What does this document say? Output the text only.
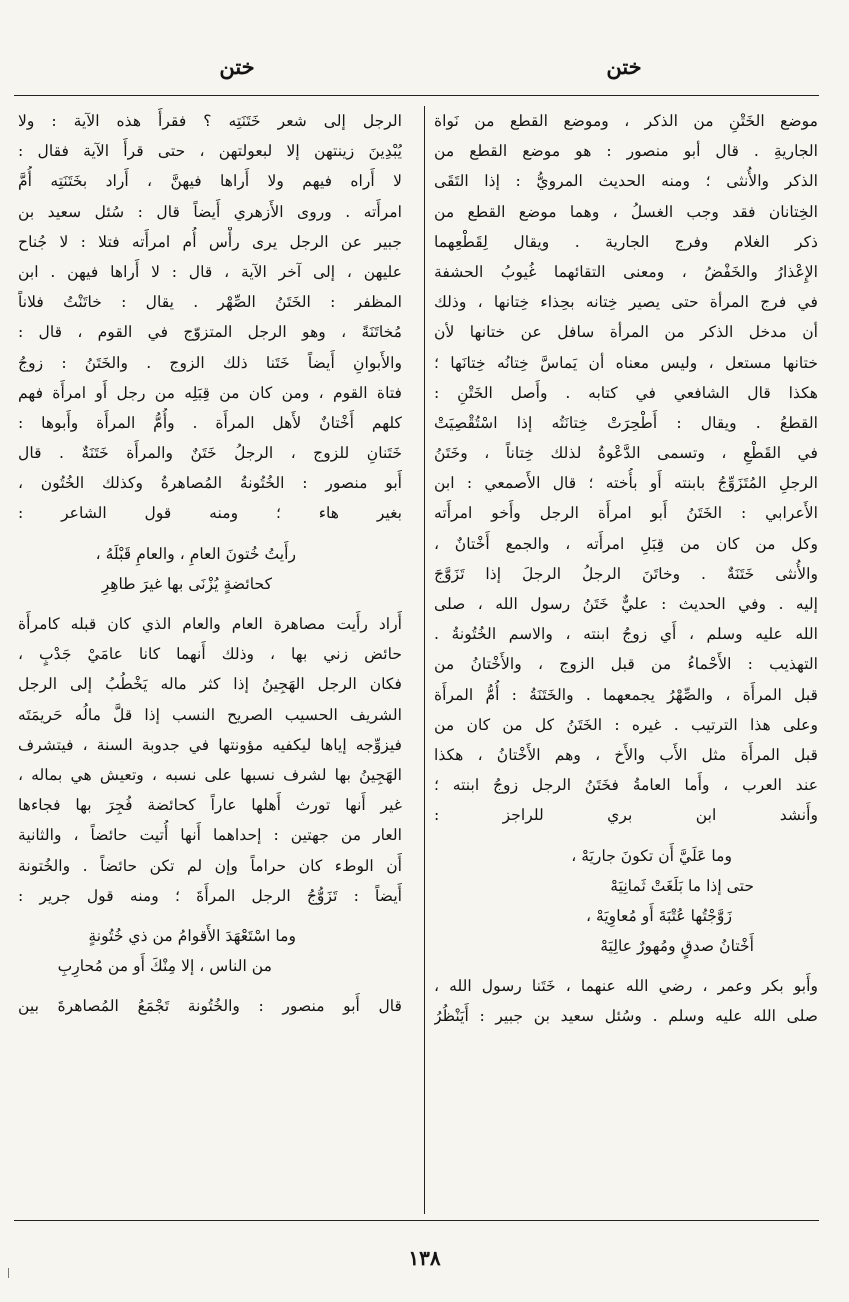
ختن
ختن
موضع الخَتْنِ من الذكر ، وموضع القطع من نَواة
الجاريةِ . قال أبو منصور : هو موضع القطع من
الذكر والأُنثى ؛ ومنه الحديث المرويُّ : إذا التَقَى
الخِتانان فقد وجب الغسلُ ، وهما موضع القطع من
ذكر الغلام وفرج الجارية . ويقال لِقَطْعِهما
الإِعْذارُ والخَفْضُ ، ومعنى التقائهما غُيوبُ الحشفة
في فرج المرأة حتى يصير خِتانه بحِذاء خِتانها ، وذلك
أن مدخل الذكر من المرأة سافل عن ختانها لأن
ختانها مستعل ، وليس معناه أن يَماسَّ خِتانُه خِتانَها ؛
هكذا قال الشافعي في كتابه . وأَصل الخَتْنِ :
القطعُ . ويقال : أَطْحِرَتْ خِتانَتُه إذا اسْتُقْصِيَتْ
في القَطْعِ ، وتسمى الدَّعْوةُ لذلك خِتاناً ، وخَتَنُ
الرجلِ المُتَزَوِّجُ بابنته أَو بأُخته ؛ قال الأَصمعي : ابن
الأَعرابي : الخَتَنُ أَبو امرأَة الرجل وأَخو امرأَته
وكل من كان من قِبَلِ امرأَته ، والجمع أَخْتانٌ ،
والأُنثى خَتَنَةٌ . وخاتَنَ الرجلُ الرجلَ إذا تَزَوَّجَ
إليه . وفي الحديث : عليٌّ خَتَنُ رسول الله ، صلى
الله عليه وسلم ، أَي زوجُ ابنته ، والاسم الخُتُونةُ .
التهذيب : الأَحْماءُ من قبل الزوج ، والأَخْتانُ من
قبل المرأَة ، والصِّهْرُ يجمعهما . والخَتَنَةُ : أُمُّ المرأَة
وعلى هذا الترتيب . غيره : الخَتَنُ كل من كان من
قبل المرأَة مثل الأَب والأَخ ، وهم الأَخْتانُ ، هكذا
عند العرب ، وأَما العامةُ فخَتَنُ الرجل زوجُ ابنته ؛
وأَنشد ابن بري للراجز :
وما عَلَيَّ أَن تكونَ جاريَهْ ،
حتى إذا ما بَلَغَتْ ثَمانِيَهْ
زَوَّجْتُها عُتْبَةَ أَو مُعاوِيَهْ ،
أَخْتانُ صدقٍ ومُهورٌ عالِيَهْ
وأَبو بكر وعمر ، رضي الله عنهما ، خَتَنا رسول الله ،
صلى الله عليه وسلم . وسُئل سعيد بن جبير : أَيَنْظُرُ
الرجل إلى شعر خَتَنَتِه ؟ فقرأَ هذه الآية : ولا
يُبْدِينَ زينتهن إلا لبعولتهن ، حتى قرأَ الآية فقال :
لا أَراه فيهم ولا أَراها فيهنَّ ، أَراد بخَتَنَتِه أُمَّ
امرأَته . وروى الأَزهري أَيضاً قال : سُئل سعيد بن
جبير عن الرجل يرى رأْس أُم امرأَته فتلا : لا جُناح
عليهن ، إلى آخر الآية ، قال : لا أَراها فيهن . ابن
المظفر : الخَتَنُ الصِّهْر . يقال : خاتَنْتُ فلاناً
مُخاتَنَةً ، وهو الرجل المتزوّج في القوم ، قال :
والأَبوانِ أَيضاً خَتَنا ذلك الزوج . والخَتَنُ : زوجُ
فتاة القوم ، ومن كان من قِبَلِه من رجل أَو امرأَة فهم
كلهم أَخْتانٌ لأَهل المرأَة . وأُمُّ المرأَة وأَبوها :
خَتَنانِ للزوج ، الرجلُ خَتَنٌ والمرأَة خَتَنَةٌ . قال
أَبو منصور : الخُتُونةُ المُصاهرةُ وكذلك الخُتُون ،
بغير هاء ؛ ومنه قول الشاعر :
رأَيتُ خُتونَ العامِ ، والعامِ قَبْلَهُ ،
كحائضةٍ يُزْنَى بها غيرَ طاهِرِ
أَراد رأَيت مصاهرة العام والعام الذي كان قبله كامرأَة
حائض زني بها ، وذلك أَنهما كانا عامَيْ جَدْبٍ ،
فكان الرجل الهَجِينُ إذا كثر ماله يَخْطُبُ إلى الرجل
الشريف الحسيب الصريح النسب إذا قلَّ مالُه حَريمَتَه
فيزوِّجه إياها ليكفيه مؤونتها في جدوبة السنة ، فيتشرف
الهَجِينُ بها لشرف نسبها على نسبه ، وتعيش هي بماله ،
غير أَنها تورث أَهلها عاراً كحائضة فُجِرَ بها فجاءها
العار من جهتين : إحداهما أَنها أُتيت حائضاً ، والثانية
أَن الوطء كان حراماً وإن لم تكن حائضاً . والخُتونة
أَيضاً : تَزَوُّجُ الرجل المرأَةَ ؛ ومنه قول جرير :
وما اسْتَعْهَدَ الأَقوامُ من ذي خُتُونةٍ
من الناس ، إلا مِنْكَ أَو من مُحارِبِ
قال أَبو منصور : والخُتُونة تَجْمَعُ المُصاهرةَ بين
١٣٨
